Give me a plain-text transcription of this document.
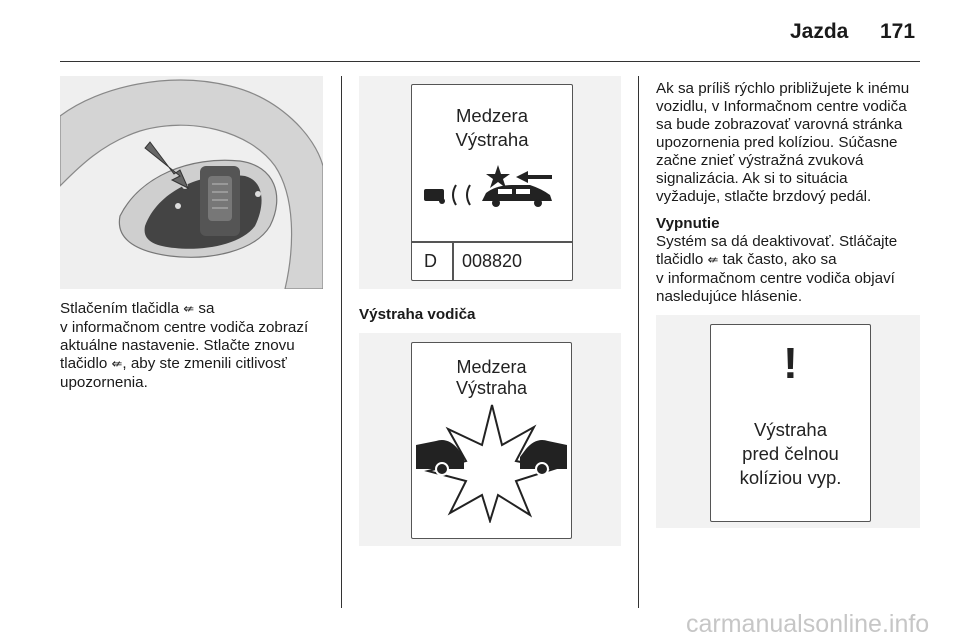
Jazda 171

Stlačením tlačidla ⇍ sa

v informačnom centre vodiča zobrazí

aktuálne nastavenie. Stlačte znovu

tlačidlo ⇍, aby ste zmenili citlivosť

upozornenia.

Medzera
Výstraha
D 008820
Výstraha vodiča
Medzera
Výstraha

Ak sa príliš rýchlo približujete k inému

vozidlu, v Informačnom centre vodiča

sa bude zobrazovať varovná stránka

upozornenia pred kolíziou. Súčasne

začne znieť výstražná zvuková

signalizácia. Ak si to situácia

vyžaduje, stlačte brzdový pedál.

Vypnutie

Systém sa dá deaktivovať. Stláčajte

tlačidlo ⇍ tak často, ako sa

v informačnom centre vodiča objaví

nasledujúce hlásenie.

!
Výstraha
pred čelnou
kolíziou vyp.
carmanualsonline.info
